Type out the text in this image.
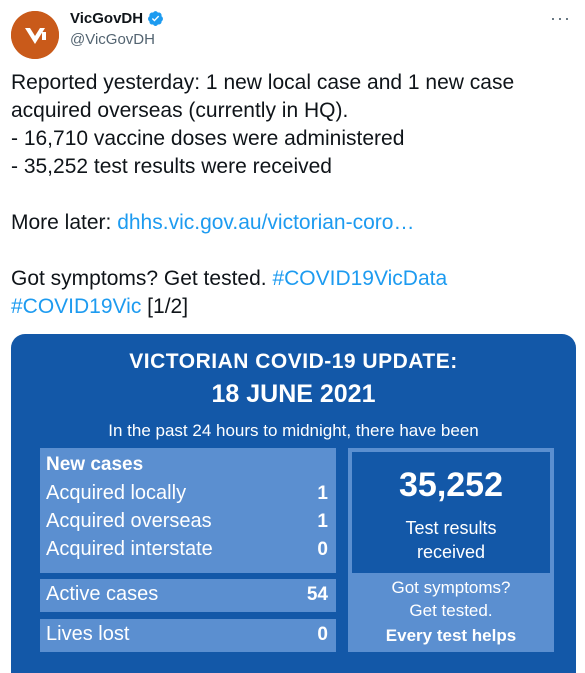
VicGovDH
@VicGovDH
···

Reported yesterday: 1 new local case and 1 new case acquired overseas (currently in HQ).

- 16,710 vaccine doses were administered

- 35,252 test results were received

More later: dhhs.vic.gov.au/victorian-coro…

Got symptoms? Get tested. #COVID19VicData

#COVID19Vic [1/2]

VICTORIAN COVID-19 UPDATE:
18 JUNE 2021
In the past 24 hours to midnight, there have been
New cases
Acquired locally	1
Acquired overseas	1
Acquired interstate	0
Active cases	54
Lives lost	0
35,252
Test results
received
Got symptoms?
Get tested.
Every test helps
